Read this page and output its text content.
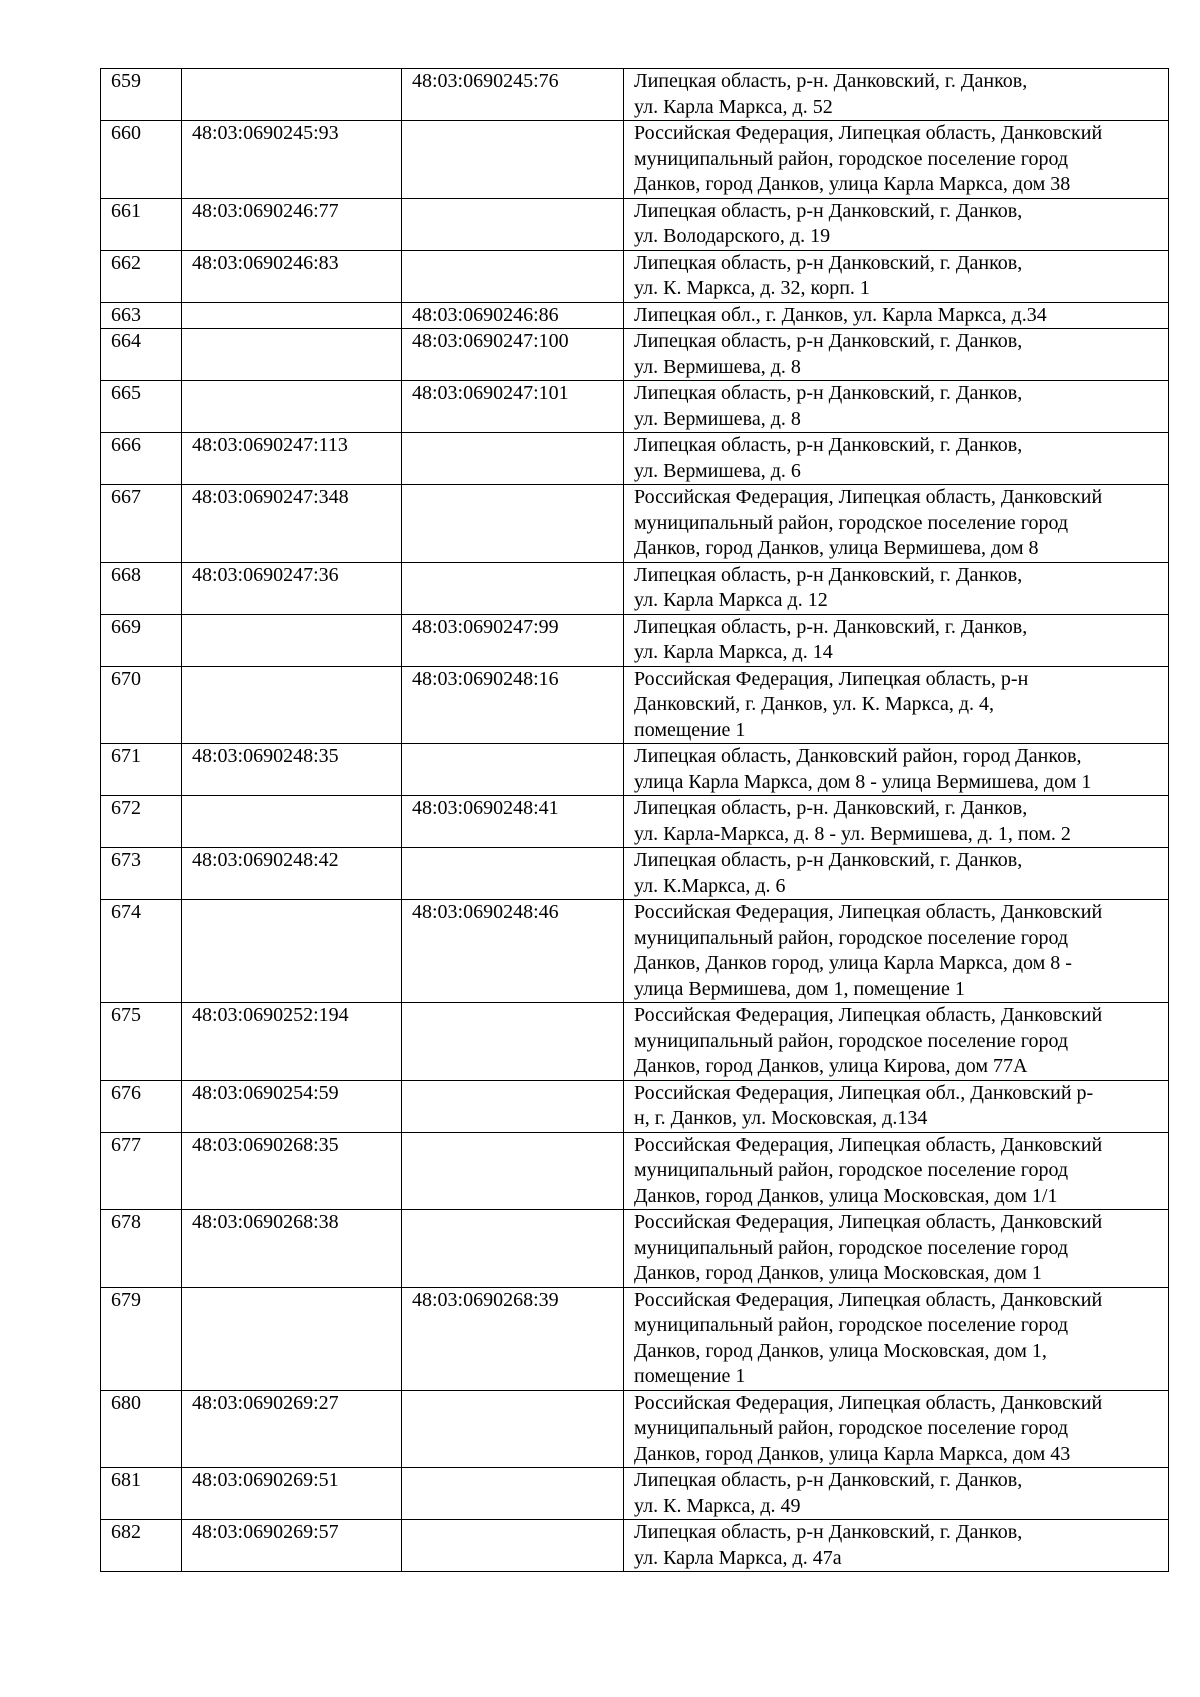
659		48:03:0690245:76	Липецкая область, р-н. Данковский, г. Данков,
ул. Карла Маркса, д. 52
660	48:03:0690245:93		Российская Федерация, Липецкая область, Данковский
муниципальный район, городское поселение город
Данков, город Данков, улица Карла Маркса, дом 38
661	48:03:0690246:77		Липецкая область, р-н Данковский, г. Данков,
ул. Володарского, д. 19
662	48:03:0690246:83		Липецкая область, р-н Данковский, г. Данков,
ул. К. Маркса, д. 32, корп. 1
663		48:03:0690246:86	Липецкая обл., г. Данков, ул. Карла Маркса, д.34
664		48:03:0690247:100	Липецкая область, р-н Данковский, г. Данков,
ул. Вермишева, д. 8
665		48:03:0690247:101	Липецкая область, р-н Данковский, г. Данков,
ул. Вермишева, д. 8
666	48:03:0690247:113		Липецкая область, р-н Данковский, г. Данков,
ул. Вермишева, д. 6
667	48:03:0690247:348		Российская Федерация, Липецкая область, Данковский
муниципальный район, городское поселение город
Данков, город Данков, улица Вермишева, дом 8
668	48:03:0690247:36		Липецкая область, р-н Данковский, г. Данков,
ул. Карла Маркса д. 12
669		48:03:0690247:99	Липецкая область, р-н. Данковский, г. Данков,
ул. Карла Маркса, д. 14
670		48:03:0690248:16	Российская Федерация, Липецкая область, р-н
Данковский, г. Данков, ул. К. Маркса, д. 4,
помещение 1
671	48:03:0690248:35		Липецкая область, Данковский район, город Данков,
улица Карла Маркса, дом 8 - улица Вермишева, дом 1
672		48:03:0690248:41	Липецкая область, р-н. Данковский, г. Данков,
ул. Карла-Маркса, д. 8 - ул. Вермишева, д. 1, пом. 2
673	48:03:0690248:42		Липецкая область, р-н Данковский, г. Данков,
ул. К.Маркса, д. 6
674		48:03:0690248:46	Российская Федерация, Липецкая область, Данковский
муниципальный район, городское поселение город
Данков, Данков город, улица Карла Маркса, дом 8 -
улица Вермишева, дом 1, помещение 1
675	48:03:0690252:194		Российская Федерация, Липецкая область, Данковский
муниципальный район, городское поселение город
Данков, город Данков, улица Кирова, дом 77А
676	48:03:0690254:59		Российская Федерация, Липецкая обл., Данковский р-
н, г. Данков, ул. Московская, д.134
677	48:03:0690268:35		Российская Федерация, Липецкая область, Данковский
муниципальный район, городское поселение город
Данков, город Данков, улица Московская, дом 1/1
678	48:03:0690268:38		Российская Федерация, Липецкая область, Данковский
муниципальный район, городское поселение город
Данков, город Данков, улица Московская, дом 1
679		48:03:0690268:39	Российская Федерация, Липецкая область, Данковский
муниципальный район, городское поселение город
Данков, город Данков, улица Московская, дом 1,
помещение 1
680	48:03:0690269:27		Российская Федерация, Липецкая область, Данковский
муниципальный район, городское поселение город
Данков, город Данков, улица Карла Маркса, дом 43
681	48:03:0690269:51		Липецкая область, р-н Данковский, г. Данков,
ул. К. Маркса, д. 49
682	48:03:0690269:57		Липецкая область, р-н Данковский, г. Данков,
ул. Карла Маркса, д. 47а
